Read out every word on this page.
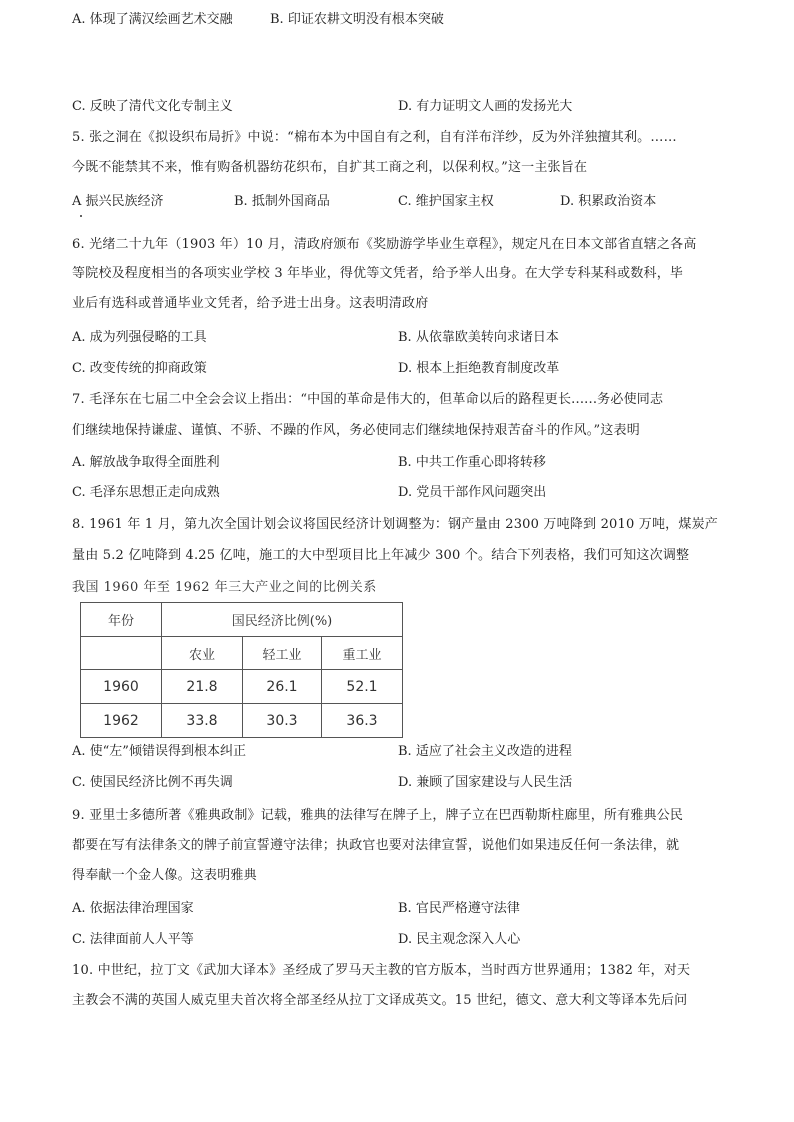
A. 体现了满汉绘画艺术交融	B. 印证农耕文明没有根本突破
C. 反映了清代文化专制主义	D. 有力证明文人画的发扬光大
5. 张之洞在《拟设织布局折》中说：“棉布本为中国自有之利，自有洋布洋纱，反为外洋独擅其利。……
今既不能禁其不来，惟有购备机器纺花织布，自扩其工商之利，以保利权。”这一主张旨在
A 振兴民族经济	B. 抵制外国商品	C. 维护国家主权	D. 积累政治资本
6. 光绪二十九年（1903 年）10 月，清政府颁布《奖励游学毕业生章程》，规定凡在日本文部省直辖之各高
等院校及程度相当的各项实业学校 3 年毕业，得优等文凭者，给予举人出身。在大学专科某科或数科，毕
业后有选科或普通毕业文凭者，给予进士出身。这表明清政府
A. 成为列强侵略的工具	B. 从依靠欧美转向求诸日本
C. 改变传统的抑商政策	D. 根本上拒绝教育制度改革
7. 毛泽东在七届二中全会会议上指出：“中国的革命是伟大的，但革命以后的路程更长......务必使同志
们继续地保持谦虚、谨慎、不骄、不躁的作风，务必使同志们继续地保持艰苦奋斗的作风。”这表明
A. 解放战争取得全面胜利	B. 中共工作重心即将转移
C. 毛泽东思想正走向成熟	D. 党员干部作风问题突出
8. 1961 年 1 月，第九次全国计划会议将国民经济计划调整为：钢产量由 2300 万吨降到 2010 万吨，煤炭产
量由 5.2 亿吨降到 4.25 亿吨，施工的大中型项目比上年减少 300 个。结合下列表格，我们可知这次调整
我国 1960 年至 1962 年三大产业之间的比例关系
年份	国民经济比例(%)		
	农业	轻工业	重工业
1960	21.8	26.1	52.1
1962	33.8	30.3	36.3
A. 使“左”倾错误得到根本纠正	B. 适应了社会主义改造的进程
C. 使国民经济比例不再失调	D. 兼顾了国家建设与人民生活
9. 亚里士多德所著《雅典政制》记载，雅典的法律写在牌子上，牌子立在巴西勒斯柱廊里，所有雅典公民
都要在写有法律条文的牌子前宣誓遵守法律；执政官也要对法律宣誓，说他们如果违反任何一条法律，就
得奉献一个金人像。这表明雅典
A. 依据法律治理国家	B. 官民严格遵守法律
C. 法律面前人人平等	D. 民主观念深入人心
10. 中世纪，拉丁文《武加大译本》圣经成了罗马天主教的官方版本，当时西方世界通用；1382 年，对天
主教会不满的英国人威克里夫首次将全部圣经从拉丁文译成英文。15 世纪，德文、意大利文等译本先后问
